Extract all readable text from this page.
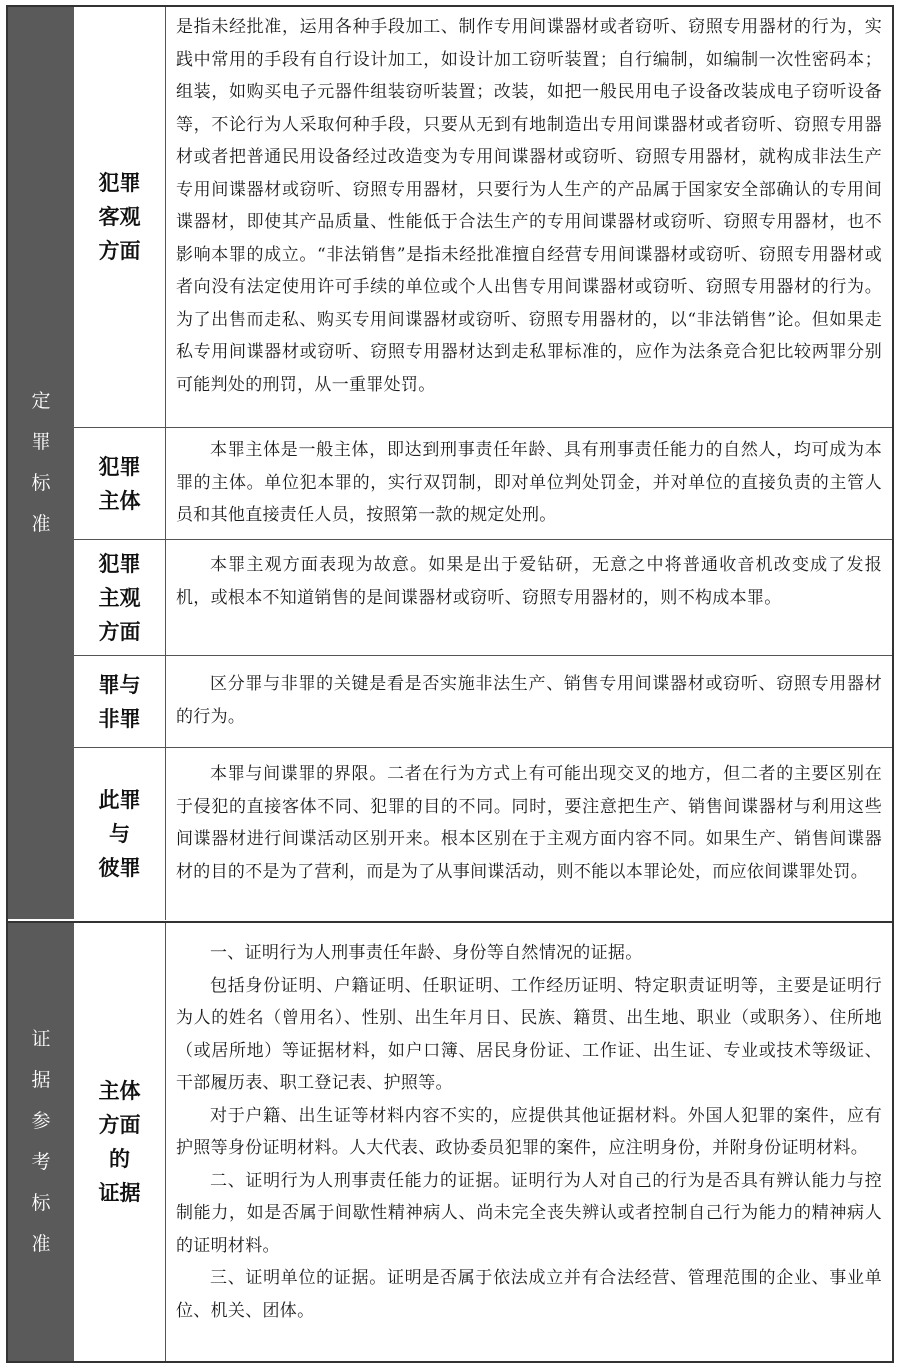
定
罪
标
准
犯罪
客观
方面

是指未经批准，运用各种手段加工、制作专用间谍器材或者窃听、窃照专用器材的行为，实践中常用的手段有自行设计加工，如设计加工窃听装置；自行编制，如编制一次性密码本；组装，如购买电子元器件组装窃听装置；改装，如把一般民用电子设备改装成电子窃听设备等，不论行为人采取何种手段，只要从无到有地制造出专用间谍器材或者窃听、窃照专用器材或者把普通民用设备经过改造变为专用间谍器材或窃听、窃照专用器材，就构成非法生产专用间谍器材或窃听、窃照专用器材，只要行为人生产的产品属于国家安全部确认的专用间谍器材，即使其产品质量、性能低于合法生产的专用间谍器材或窃听、窃照专用器材，也不影响本罪的成立。“非法销售”是指未经批准擅自经营专用间谍器材或窃听、窃照专用器材或者向没有法定使用许可手续的单位或个人出售专用间谍器材或窃听、窃照专用器材的行为。为了出售而走私、购买专用间谍器材或窃听、窃照专用器材的，以“非法销售”论。但如果走私专用间谍器材或窃听、窃照专用器材达到走私罪标准的，应作为法条竞合犯比较两罪分别可能判处的刑罚，从一重罪处罚。

犯罪
主体

本罪主体是一般主体，即达到刑事责任年龄、具有刑事责任能力的自然人，均可成为本罪的主体。单位犯本罪的，实行双罚制，即对单位判处罚金，并对单位的直接负责的主管人员和其他直接责任人员，按照第一款的规定处刑。

犯罪
主观
方面

本罪主观方面表现为故意。如果是出于爱钻研，无意之中将普通收音机改变成了发报机，或根本不知道销售的是间谍器材或窃听、窃照专用器材的，则不构成本罪。

罪与
非罪

区分罪与非罪的关键是看是否实施非法生产、销售专用间谍器材或窃听、窃照专用器材的行为。

此罪
与
彼罪

本罪与间谍罪的界限。二者在行为方式上有可能出现交叉的地方，但二者的主要区别在于侵犯的直接客体不同、犯罪的目的不同。同时，要注意把生产、销售间谍器材与利用这些间谍器材进行间谍活动区别开来。根本区别在于主观方面内容不同。如果生产、销售间谍器材的目的不是为了营利，而是为了从事间谍活动，则不能以本罪论处，而应依间谍罪处罚。

证
据
参
考
标
准
主体
方面
的
证据

一、证明行为人刑事责任年龄、身份等自然情况的证据。

包括身份证明、户籍证明、任职证明、工作经历证明、特定职责证明等，主要是证明行为人的姓名（曾用名）、性别、出生年月日、民族、籍贯、出生地、职业（或职务）、住所地（或居所地）等证据材料，如户口簿、居民身份证、工作证、出生证、专业或技术等级证、干部履历表、职工登记表、护照等。

对于户籍、出生证等材料内容不实的，应提供其他证据材料。外国人犯罪的案件，应有护照等身份证明材料。人大代表、政协委员犯罪的案件，应注明身份，并附身份证明材料。

二、证明行为人刑事责任能力的证据。证明行为人对自己的行为是否具有辨认能力与控制能力，如是否属于间歇性精神病人、尚未完全丧失辨认或者控制自己行为能力的精神病人的证明材料。

三、证明单位的证据。证明是否属于依法成立并有合法经营、管理范围的企业、事业单位、机关、团体。
